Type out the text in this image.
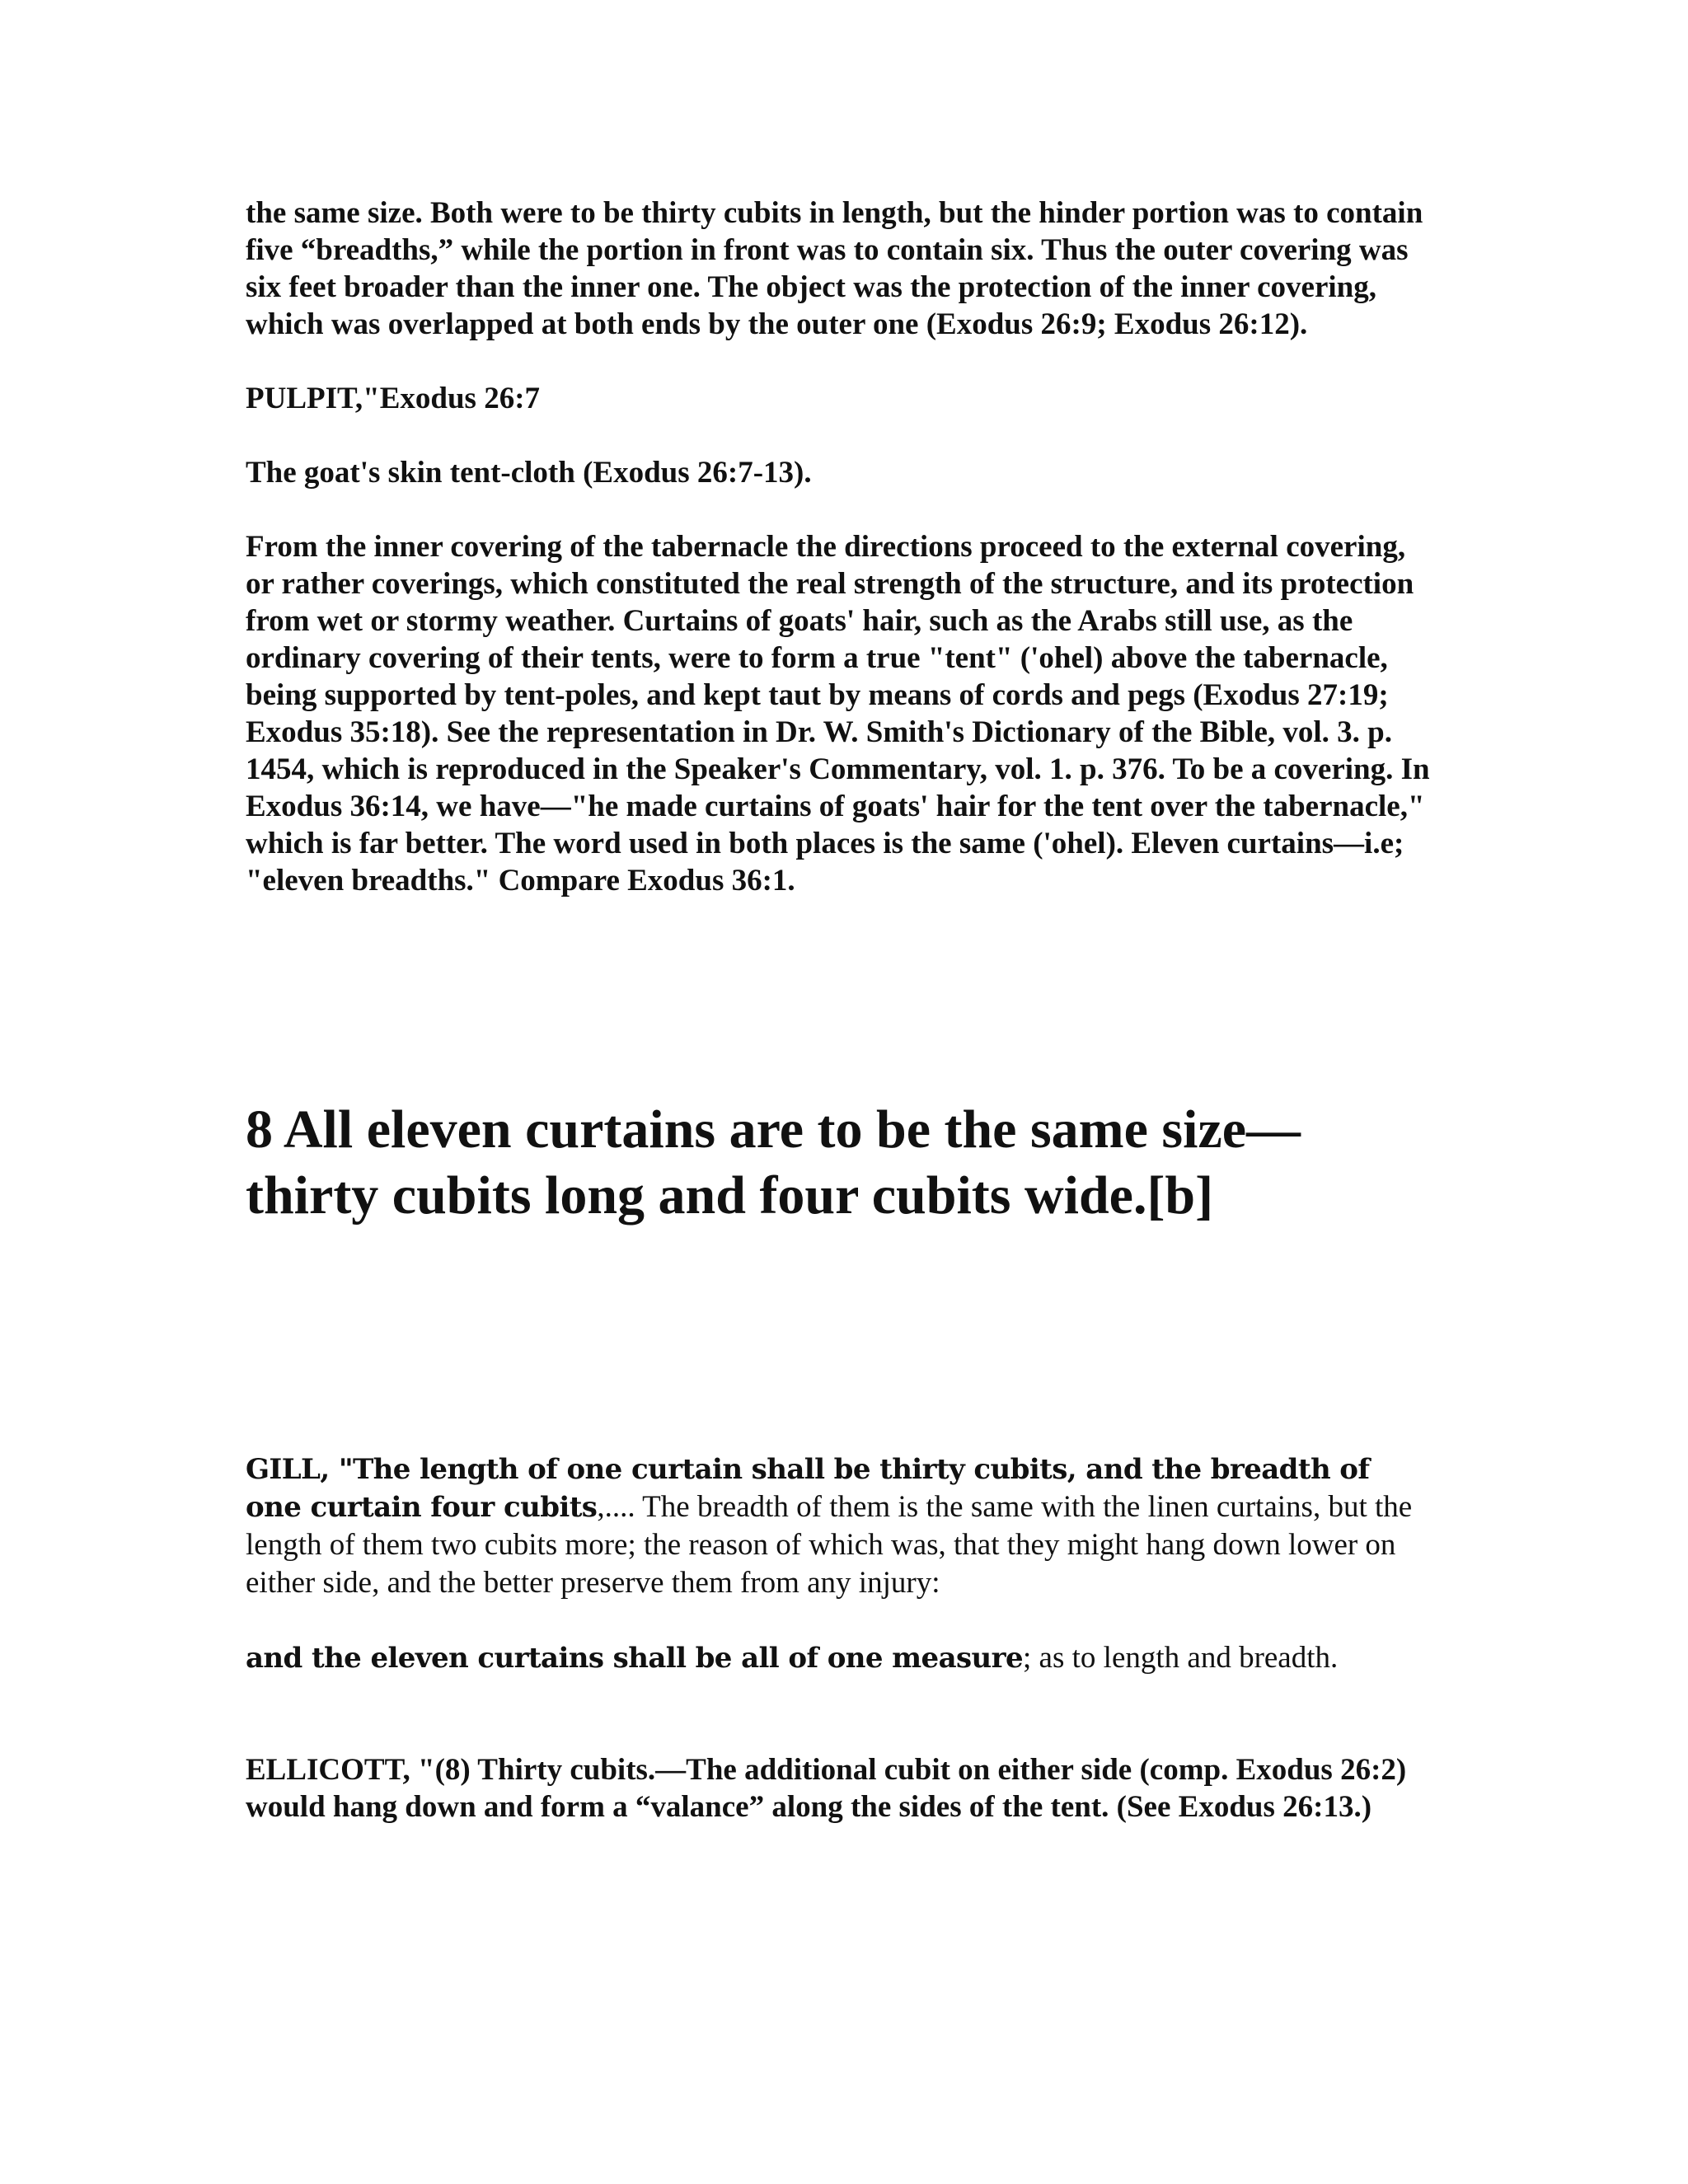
the same size. Both were to be thirty cubits in length, but the hinder portion was to contain five “breadths,” while the portion in front was to contain six. Thus the outer covering was six feet broader than the inner one. The object was the protection of the inner covering, which was overlapped at both ends by the outer one (Exodus 26:9; Exodus 26:12).

PULPIT,"Exodus 26:7

The goat's skin tent-cloth (Exodus 26:7-13).

From the inner covering of the tabernacle the directions proceed to the external covering, or rather coverings, which constituted the real strength of the structure, and its protection from wet or stormy weather. Curtains of goats' hair, such as the Arabs still use, as the ordinary covering of their tents, were to form a true "tent" ('ohel) above the tabernacle, being supported by tent-poles, and kept taut by means of cords and pegs (Exodus 27:19; Exodus 35:18). See the representation in Dr. W. Smith's Dictionary of the Bible, vol. 3. p. 1454, which is reproduced in the Speaker's Commentary, vol. 1. p. 376. To be a covering. In Exodus 36:14, we have—"he made curtains of goats' hair for the tent over the tabernacle," which is far better. The word used in both places is the same ('ohel). Eleven curtains—i.e; "eleven breadths." Compare Exodus 36:1.

8 All eleven curtains are to be the same size—thirty cubits long and four cubits wide.[b]

GILL, "The length of one curtain shall be thirty cubits, and the breadth of one curtain four cubits,.... The breadth of them is the same with the linen curtains, but the length of them two cubits more; the reason of which was, that they might hang down lower on either side, and the better preserve them from any injury:

and the eleven curtains shall be all of one measure; as to length and breadth.

ELLICOTT, "(8) Thirty cubits.—The additional cubit on either side (comp. Exodus 26:2) would hang down and form a “valance” along the sides of the tent. (See Exodus 26:13.)
